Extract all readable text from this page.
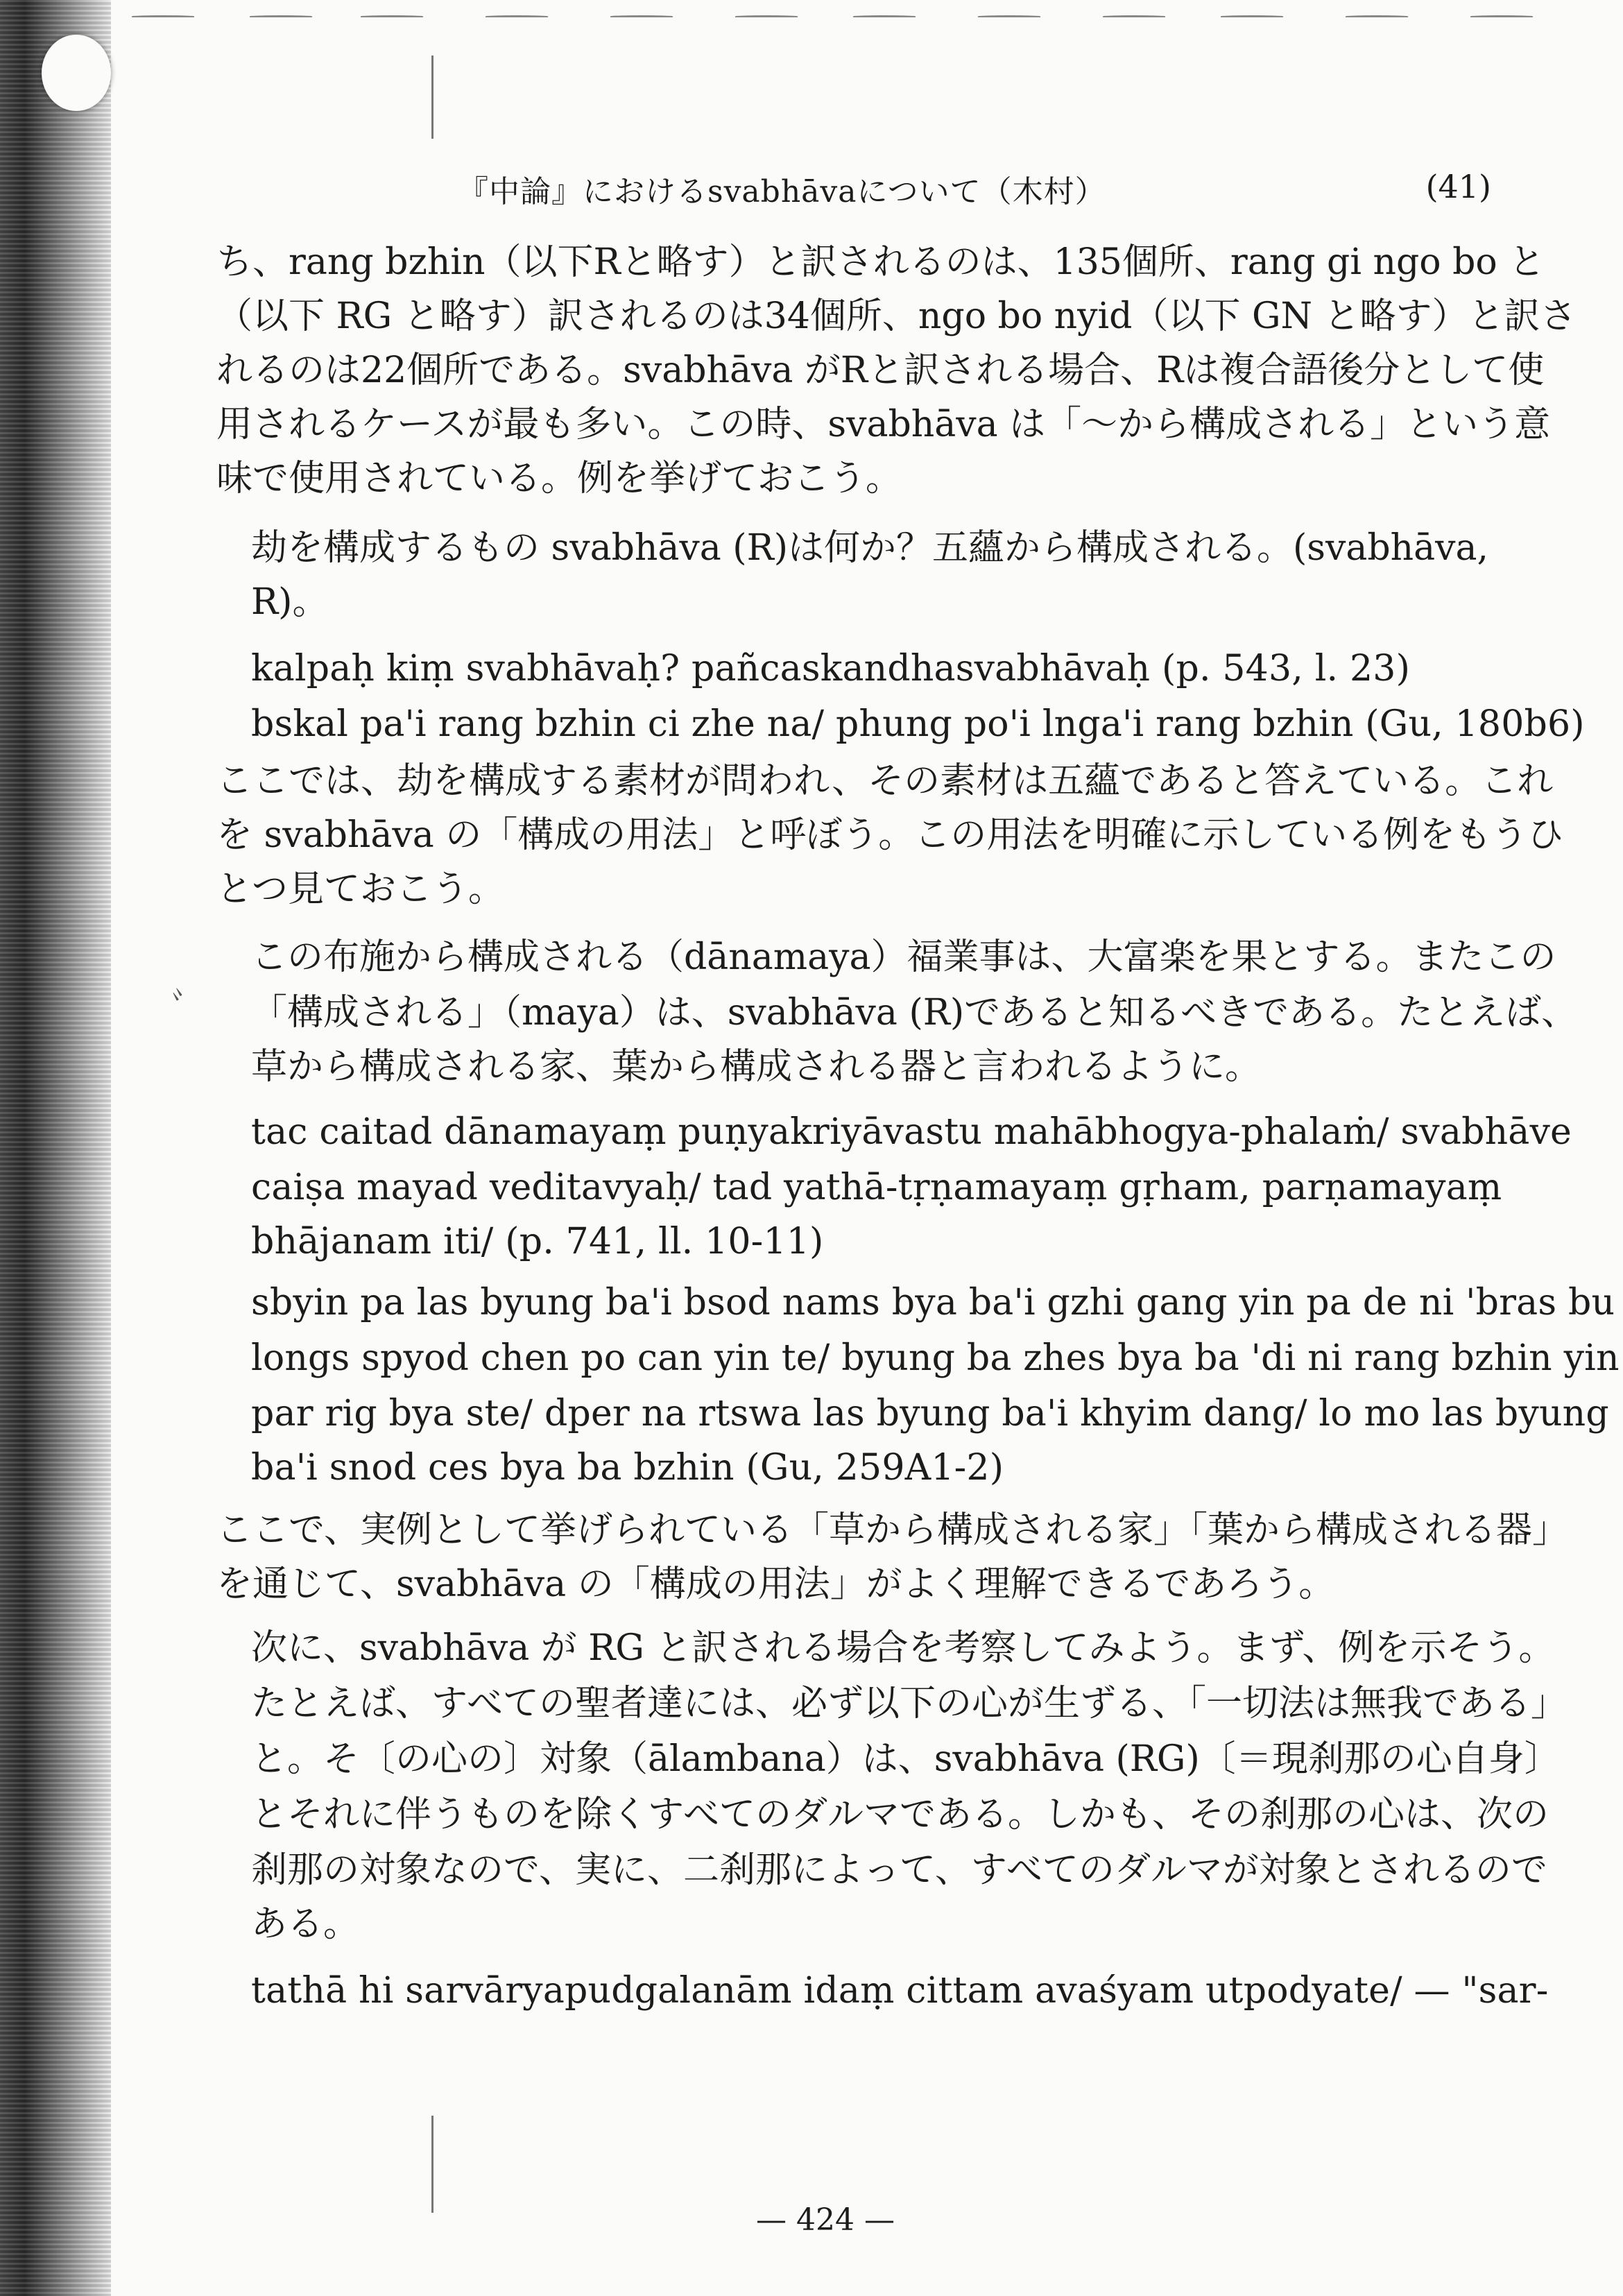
『中論』におけるsvabhāvaについて（木村）	(41)
ち、rang bzhin（以下Rと略す）と訳されるのは、135個所、rang gi ngo bo と
（以下 RG と略す）訳されるのは34個所、ngo bo nyid（以下 GN と略す）と訳さ
れるのは22個所である。svabhāva がRと訳される場合、Rは複合語後分として使
用されるケースが最も多い。この時、svabhāva は「～から構成される」という意
味で使用されている。例を挙げておこう。
劫を構成するもの svabhāva (R)は何か？五蘊から構成される。(svabhāva,
R)。
kalpaḥ kiṃ svabhāvaḥ? pañcaskandhasvabhāvaḥ (p. 543, l. 23)
bskal pa'i rang bzhin ci zhe na/ phung po'i lnga'i rang bzhin (Gu, 180b6)
ここでは、劫を構成する素材が問われ、その素材は五蘊であると答えている。これ
を svabhāva の「構成の用法」と呼ぼう。この用法を明確に示している例をもうひ
とつ見ておこう。
この布施から構成される（dānamaya）福業事は、大富楽を果とする。またこの
「構成される」（maya）は、svabhāva (R)であると知るべきである。たとえば、
草から構成される家、葉から構成される器と言われるように。
tac caitad dānamayaṃ puṇyakriyāvastu mahābhogya-phalaṁ/ svabhāve
caiṣa mayad veditavyaḥ/ tad yathā-tṛṇamayaṃ gṛham, parṇamayaṃ
bhājanam iti/ (p. 741, ll. 10-11)
sbyin pa las byung ba'i bsod nams bya ba'i gzhi gang yin pa de ni 'bras bu
longs spyod chen po can yin te/ byung ba zhes bya ba 'di ni rang bzhin yin
par rig bya ste/ dper na rtswa las byung ba'i khyim dang/ lo mo las byung
ba'i snod ces bya ba bzhin (Gu, 259A1-2)
ここで、実例として挙げられている「草から構成される家」「葉から構成される器」
を通じて、svabhāva の「構成の用法」がよく理解できるであろう。
次に、svabhāva が RG と訳される場合を考察してみよう。まず、例を示そう。
たとえば、すべての聖者達には、必ず以下の心が生ずる、「一切法は無我である」
と。そ〔の心の〕対象（ālambana）は、svabhāva (RG)〔＝現刹那の心自身〕
とそれに伴うものを除くすべてのダルマである。しかも、その刹那の心は、次の
刹那の対象なので、実に、二刹那によって、すべてのダルマが対象とされるので
ある。
tathā hi sarvāryapudgalanām idaṃ cittam avaśyam utpodyate/ — "sar-
〟
— 424 —
